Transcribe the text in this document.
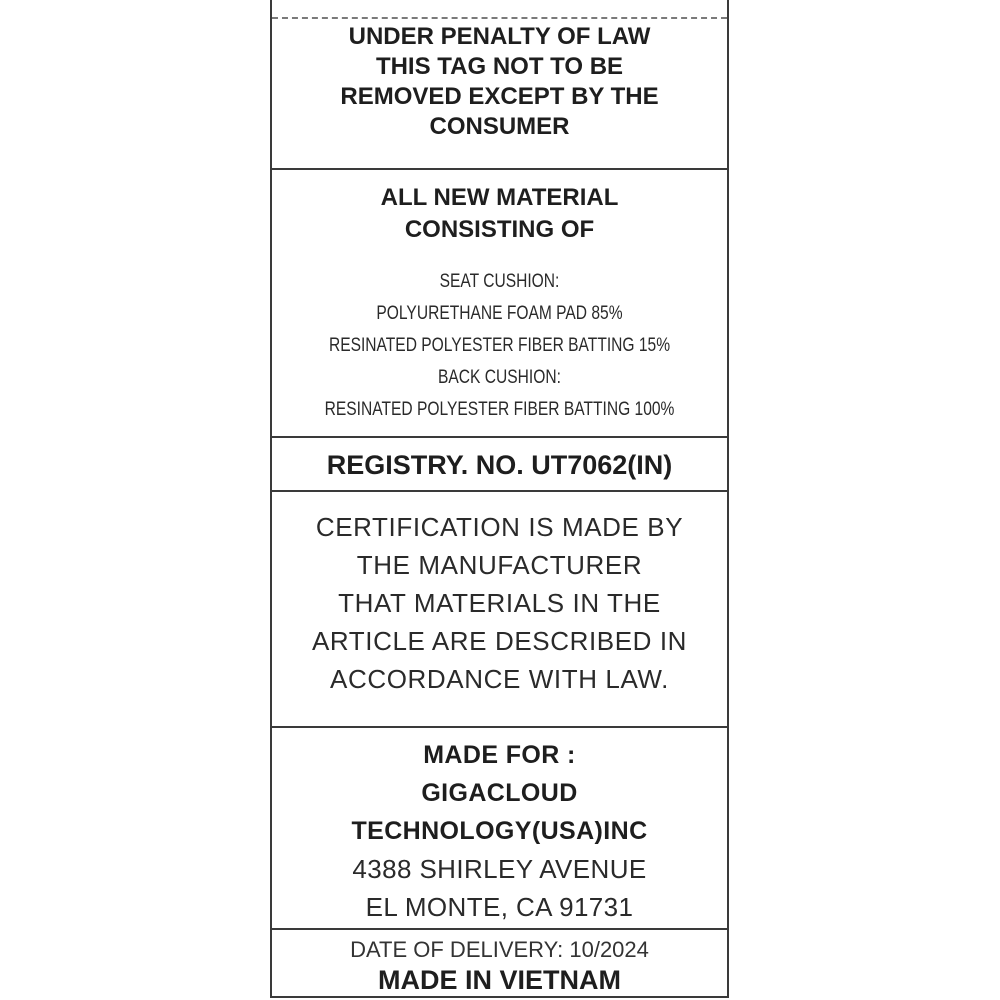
UNDER PENALTY OF LAW
THIS TAG NOT TO BE
REMOVED EXCEPT BY THE
CONSUMER
ALL NEW MATERIAL
CONSISTING OF
SEAT CUSHION:
POLYURETHANE FOAM PAD 85%
RESINATED POLYESTER FIBER BATTING 15%
BACK CUSHION:
RESINATED POLYESTER FIBER BATTING 100%
REGISTRY. NO. UT7062(IN)
CERTIFICATION IS MADE BY
THE MANUFACTURER
THAT MATERIALS IN THE
ARTICLE ARE DESCRIBED IN
ACCORDANCE WITH LAW.
MADE FOR :
GIGACLOUD
TECHNOLOGY(USA)INC
4388 SHIRLEY AVENUE
EL MONTE, CA 91731
DATE OF DELIVERY: 10/2024
MADE IN VIETNAM
